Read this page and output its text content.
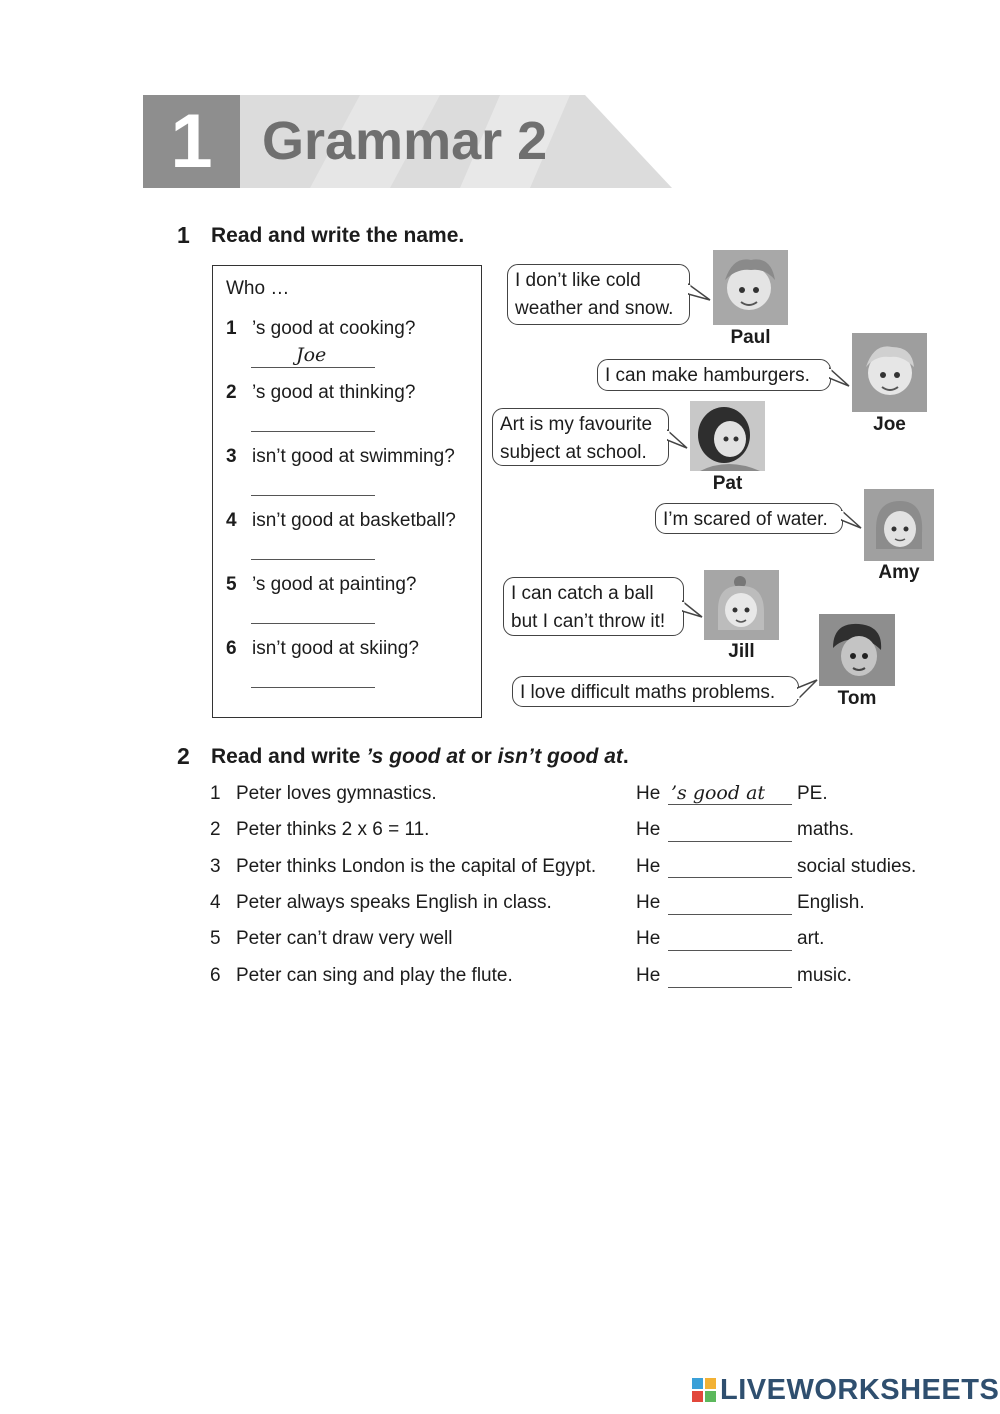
1 Grammar 2
1 Read and write the name.
Who …
1 ’s good at cooking?
Joe
2 ’s good at thinking?
3 isn’t good at swimming?
4 isn’t good at basketball?
5 ’s good at painting?
6 isn’t good at skiing?
I don’t like cold
weather and snow.
Paul
I can make hamburgers.
Joe
Art is my favourite
subject at school.
Pat
I’m scared of water.
Amy
I can catch a ball
but I can’t throw it!
Jill
I love difficult maths problems.	Tom
2 Read and write ’s good at or isn’t good at.
1 Peter loves gymnastics.	He ’s good at PE.
2 Peter thinks 2 x 6 = 11.	He	maths.
3 Peter thinks London is the capital of Egypt. He	social studies.
4 Peter always speaks English in class.	He	English.
5 Peter can’t draw very well	He	art.
6 Peter can sing and play the flute.	He	music.
LIVEWORKSHEETS
